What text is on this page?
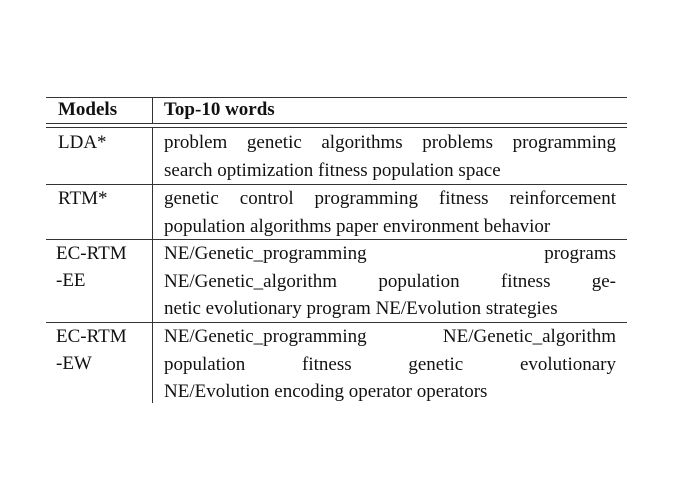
Models Top-10 words
LDA*	problem genetic algorithms problems programming
search optimization fitness population space
RTM*	genetic control programming fitness reinforcement
population algorithms paper environment behavior
EC-RTM
-EE
NE/Genetic_programming programs
NE/Genetic_algorithm population fitness ge-
netic evolutionary program NE/Evolution strategies
EC-RTM
-EW
NE/Genetic_programming NE/Genetic_algorithm
population fitness genetic evolutionary
NE/Evolution encoding operator operators
